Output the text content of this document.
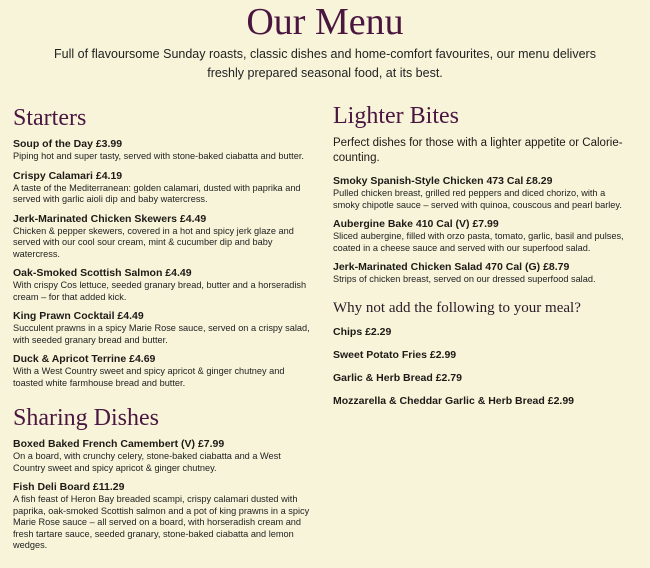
Our Menu
Full of flavoursome Sunday roasts, classic dishes and home-comfort favourites, our menu delivers freshly prepared seasonal food, at its best.
Starters
Soup of the Day £3.99
Piping hot and super tasty, served with stone-baked ciabatta and butter.
Crispy Calamari £4.19
A taste of the Mediterranean: golden calamari, dusted with paprika and served with garlic aioli dip and baby watercress.
Jerk-Marinated Chicken Skewers £4.49
Chicken & pepper skewers, covered in a hot and spicy jerk glaze and served with our cool sour cream, mint & cucumber dip and baby watercress.
Oak-Smoked Scottish Salmon £4.49
With crispy Cos lettuce, seeded granary bread, butter and a horseradish cream – for that added kick.
King Prawn Cocktail £4.49
Succulent prawns in a spicy Marie Rose sauce, served on a crispy salad, with seeded granary bread and butter.
Duck & Apricot Terrine £4.69
With a West Country sweet and spicy apricot & ginger chutney and toasted white farmhouse bread and butter.
Sharing Dishes
Boxed Baked French Camembert (V) £7.99
On a board, with crunchy celery, stone-baked ciabatta and a West Country sweet and spicy apricot & ginger chutney.
Fish Deli Board £11.29
A fish feast of Heron Bay breaded scampi, crispy calamari dusted with paprika, oak-smoked Scottish salmon and a pot of king prawns in a spicy Marie Rose sauce – all served on a board, with horseradish cream and fresh tartare sauce, seeded granary, stone-baked ciabatta and lemon wedges.
Lighter Bites
Perfect dishes for those with a lighter appetite or Calorie-counting.
Smoky Spanish-Style Chicken 473 Cal £8.29
Pulled chicken breast, grilled red peppers and diced chorizo, with a smoky chipotle sauce – served with quinoa, couscous and pearl barley.
Aubergine Bake 410 Cal (V) £7.99
Sliced aubergine, filled with orzo pasta, tomato, garlic, basil and pulses, coated in a cheese sauce and served with our superfood salad.
Jerk-Marinated Chicken Salad 470 Cal (G) £8.79
Strips of chicken breast, served on our dressed superfood salad.
Why not add the following to your meal?
Chips £2.29
Sweet Potato Fries £2.99
Garlic & Herb Bread £2.79
Mozzarella & Cheddar Garlic & Herb Bread £2.99
